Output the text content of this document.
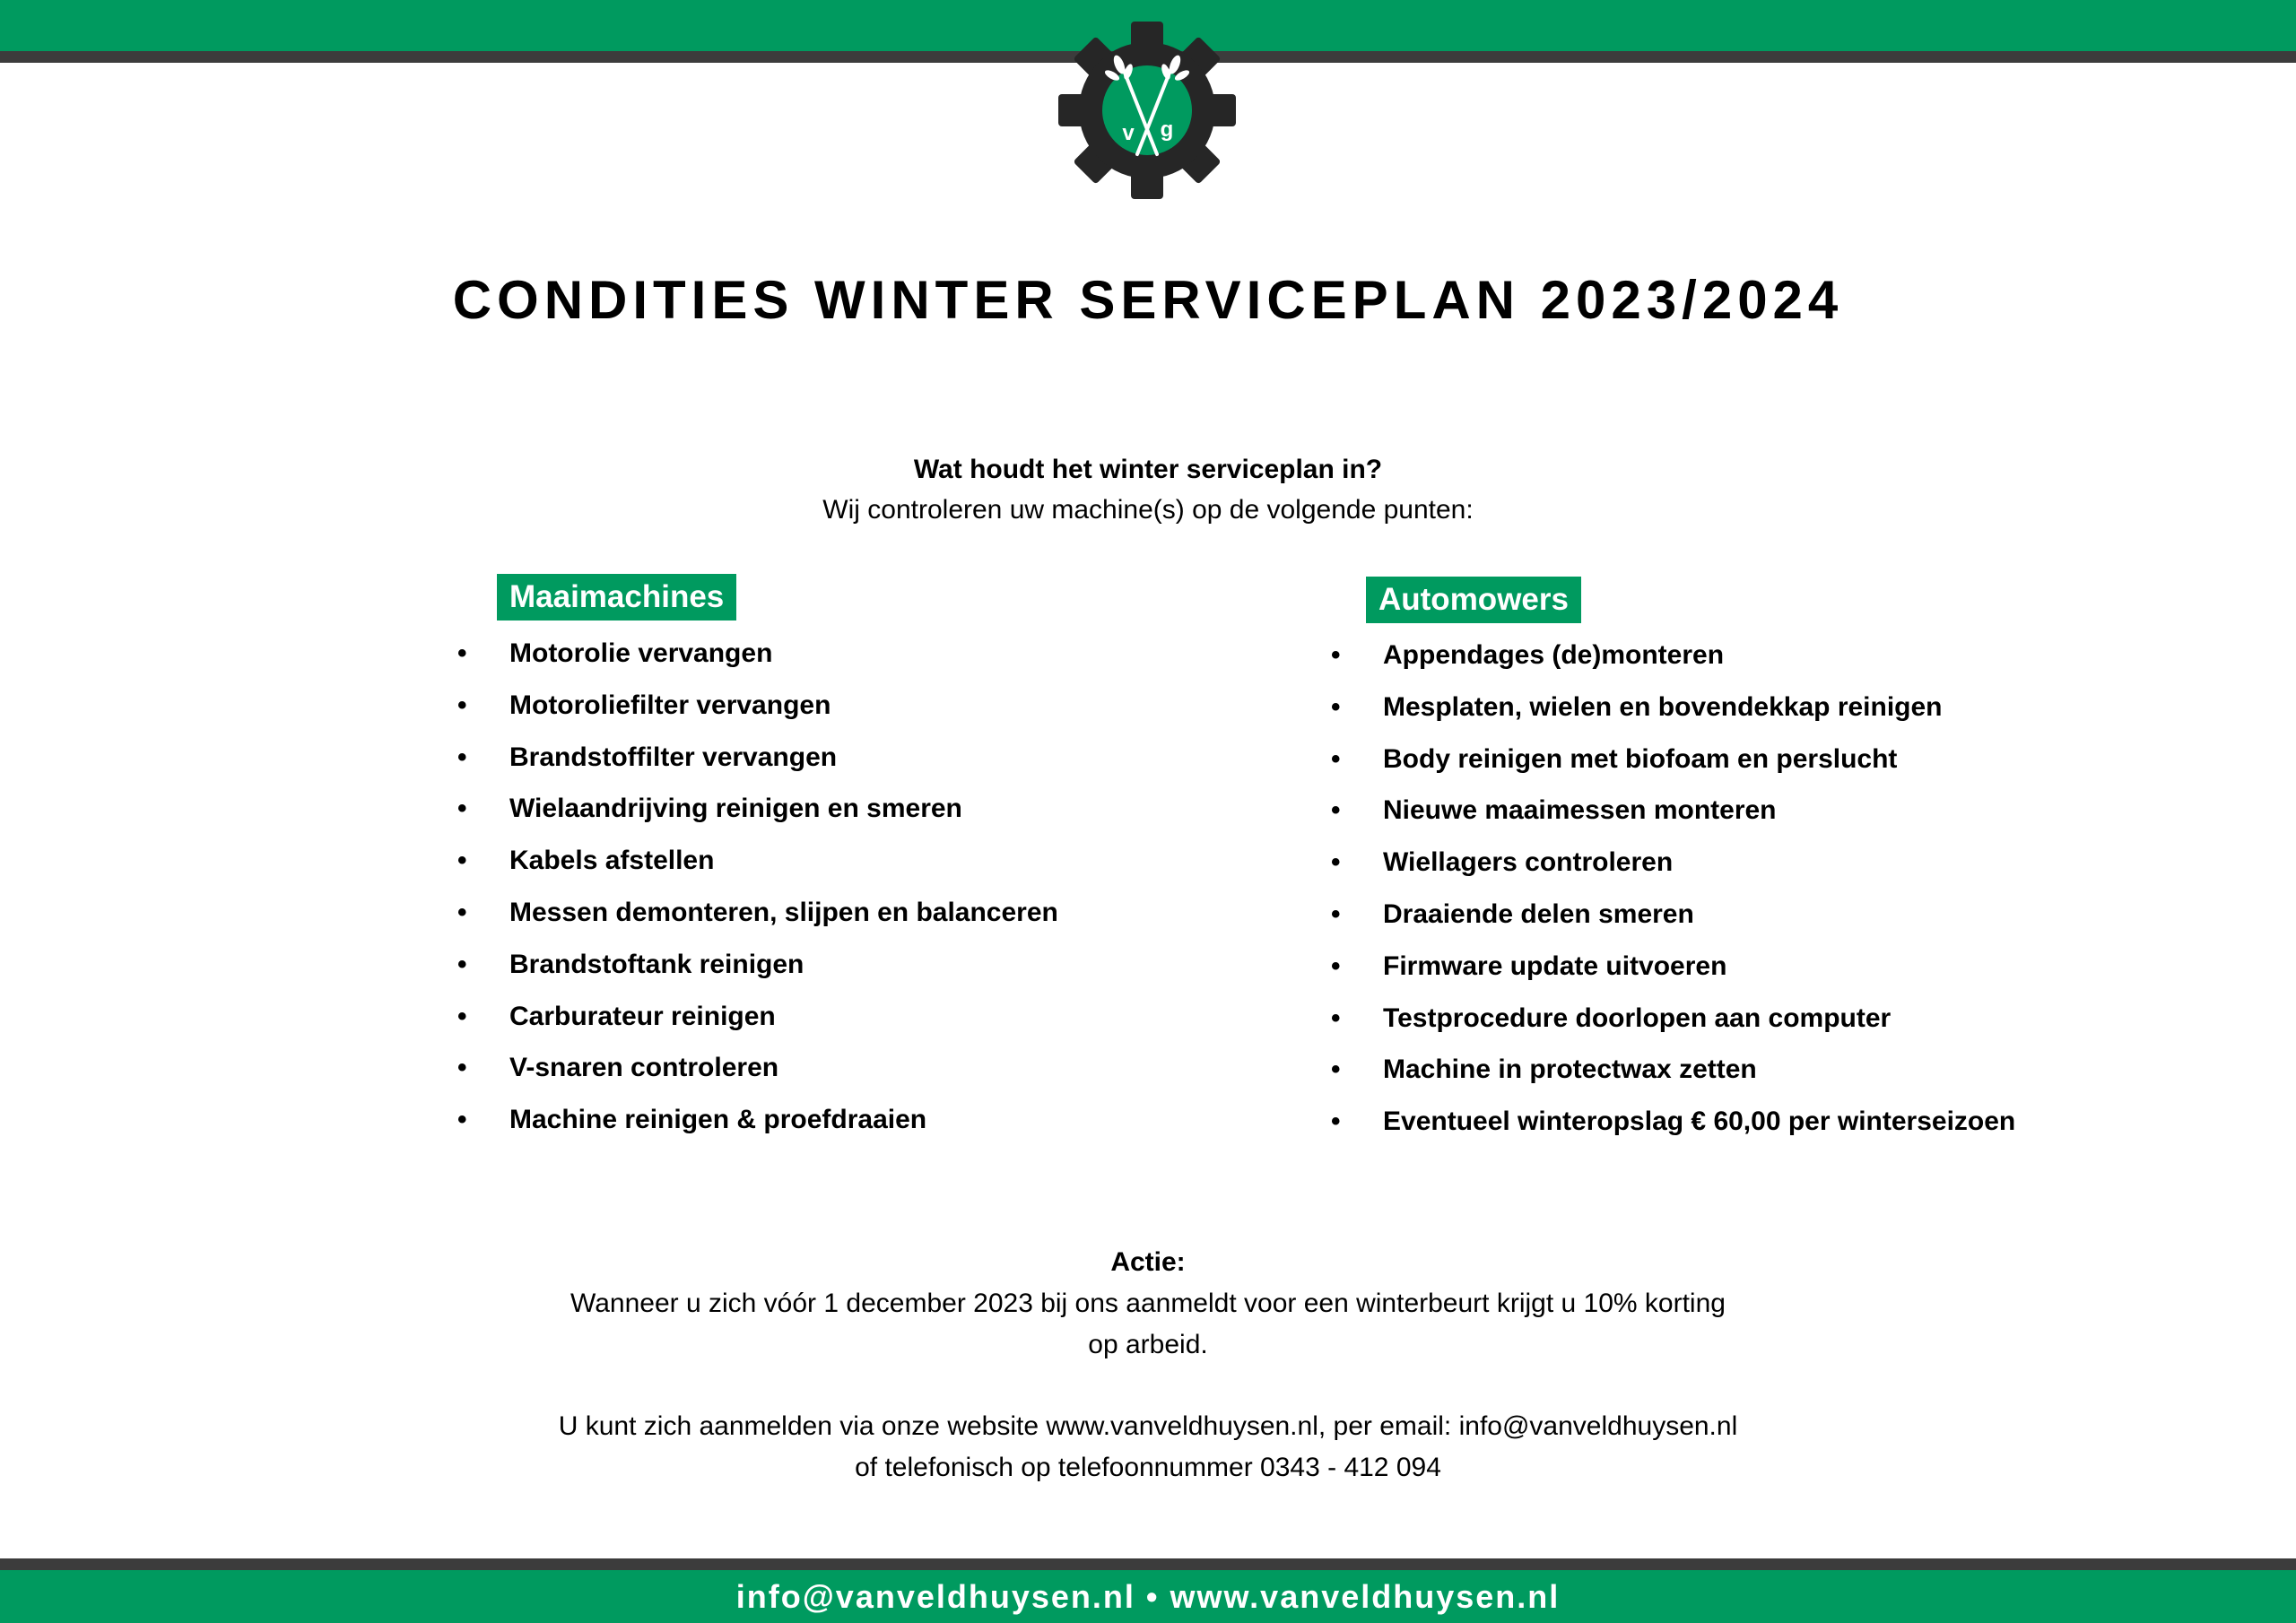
v g
CONDITIES WINTER SERVICEPLAN 2023/2024
Wat houdt het winter serviceplan in?
Wij controleren uw machine(s) op de volgende punten:
Maaimachines	Automowers
• Motorolie vervangen
• Motoroliefilter vervangen
• Brandstoffilter vervangen
• Wielaandrijving reinigen en smeren
• Kabels afstellen
• Messen demonteren, slijpen en balanceren
• Brandstoftank reinigen
• Carburateur reinigen
• V-snaren controleren
• Machine reinigen & proefdraaien
• Appendages (de)monteren
• Mesplaten, wielen en bovendekkap reinigen
• Body reinigen met biofoam en perslucht
• Nieuwe maaimessen monteren
• Wiellagers controleren
• Draaiende delen smeren
• Firmware update uitvoeren
• Testprocedure doorlopen aan computer
• Machine in protectwax zetten
• Eventueel winteropslag € 60,00 per winterseizoen
Actie:
Wanneer u zich vóór 1 december 2023 bij ons aanmeldt voor een winterbeurt krijgt u 10% korting
op arbeid.
U kunt zich aanmelden via onze website www.vanveldhuysen.nl, per email: info@vanveldhuysen.nl
of telefonisch op telefoonnummer 0343 - 412 094
info@vanveldhuysen.nl • www.vanveldhuysen.nl
